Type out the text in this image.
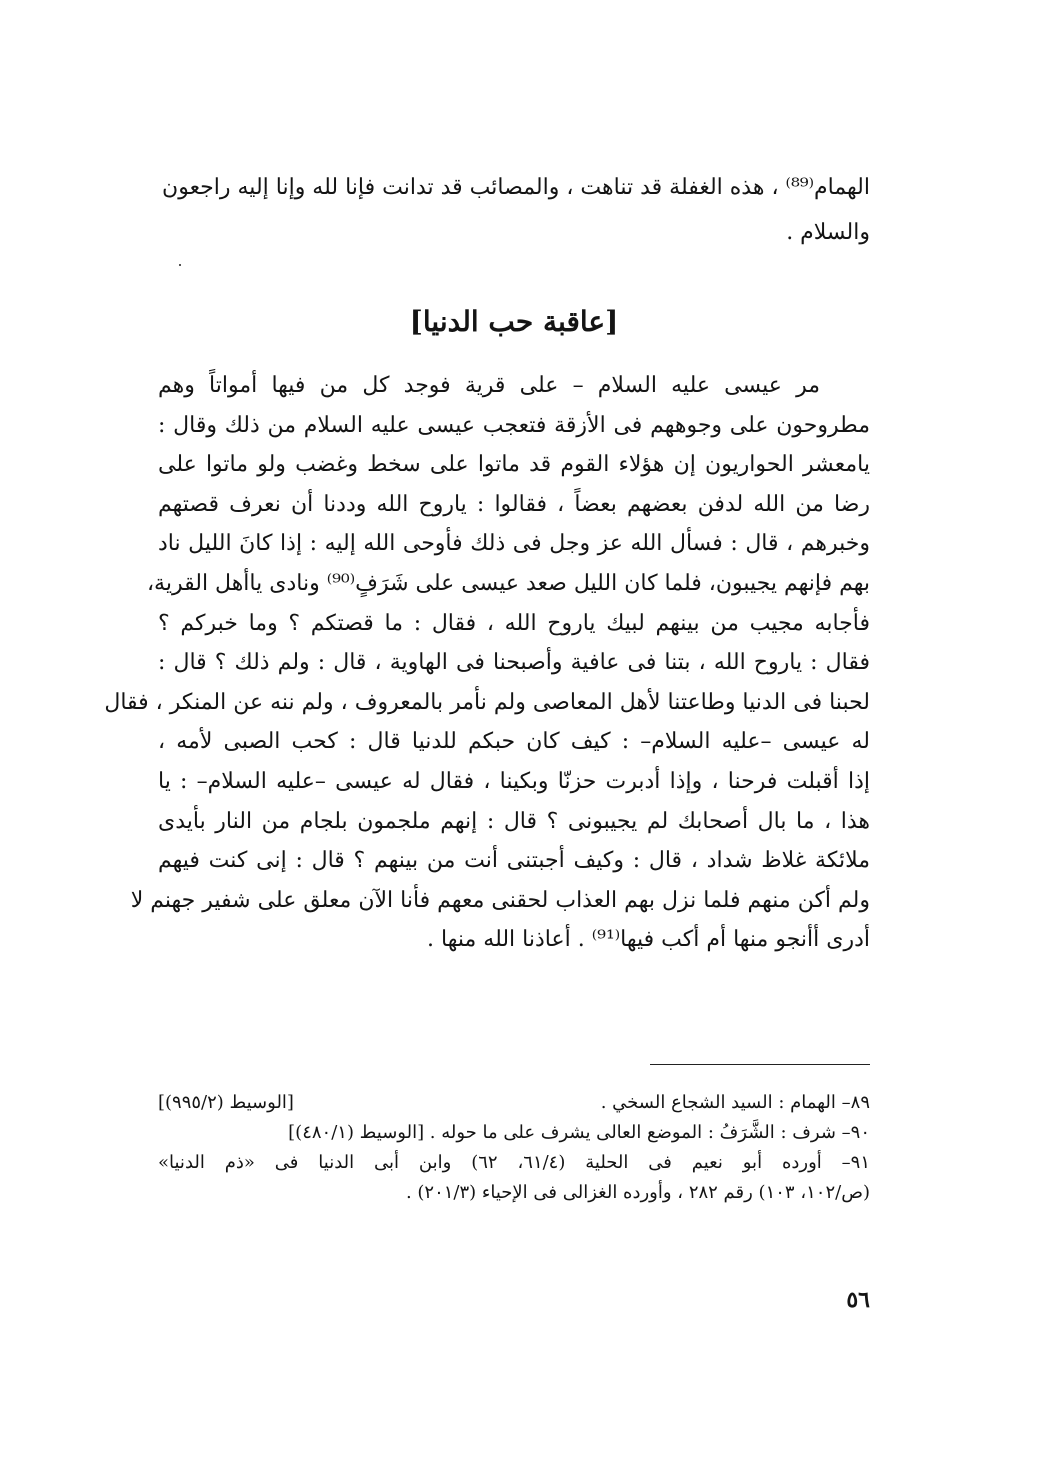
الهمام⁽⁸⁹⁾ ، هذه الغفلة قد تناهت ، والمصائب قد تدانت فإنا لله وإنا إليه راجعون
والسلام .
[عاقبة حب الدنيا]
مر عيسى عليه السلام – على قرية فوجد كل من فيها أمواتاً وهم
مطروحون على وجوههم فى الأزقة فتعجب عيسى عليه السلام من ذلك وقال :
يامعشر الحواريون إن هؤلاء القوم قد ماتوا على سخط وغضب ولو ماتوا على
رضا من الله لدفن بعضهم بعضاً ، فقالوا : ياروح الله وددنا أن نعرف قصتهم
وخبرهم ، قال : فسأل الله عز وجل فى ذلك فأوحى الله إليه : إذا كانَ الليل ناد
بهم فإنهم يجيبون، فلما كان الليل صعد عيسى على شَرَفٍ⁽⁹⁰⁾ ونادى ياأهل القرية،
فأجابه مجيب من بينهم لبيك ياروح الله ، فقال : ما قصتكم ؟ وما خبركم ؟
فقال : ياروح الله ، بتنا فى عافية وأصبحنا فى الهاوية ، قال : ولم ذلك ؟ قال :
لحبنا فى الدنيا وطاعتنا لأهل المعاصى ولم نأمر بالمعروف ، ولم ننه عن المنكر ، فقال
له عيسى –عليه السلام– : كيف كان حبكم للدنيا قال : كحب الصبى لأمه ،
إذا أقبلت فرحنا ، وإذا أدبرت حزنّا وبكينا ، فقال له عيسى –عليه السلام– : يا
هذا ، ما بال أصحابك لم يجيبونى ؟ قال : إنهم ملجمون بلجام من النار بأيدى
ملائكة غلاظ شداد ، قال : وكيف أجبتنى أنت من بينهم ؟ قال : إنى كنت فيهم
ولم أكن منهم فلما نزل بهم العذاب لحقنى معهم فأنا الآن معلق على شفير جهنم لا
أدرى أأنجو منها أم أكب فيها⁽⁹¹⁾ . أعاذنا الله منها .
٨٩– الهمام : السيد الشجاع السخي .
[الوسيط (٩٩٥/٢)]
٩٠– شرف : الشَّرَفُ : الموضع العالى يشرف على ما حوله . [الوسيط (٤٨٠/١)]
٩١– أورده أبو نعيم فى الحلية (٦١/٤، ٦٢) وابن أبى الدنيا فى «ذم الدنيا»
(ص/١٠٢، ١٠٣) رقم ٢٨٢ ، وأورده الغزالى فى الإحياء (٢٠١/٣) .
٥٦
